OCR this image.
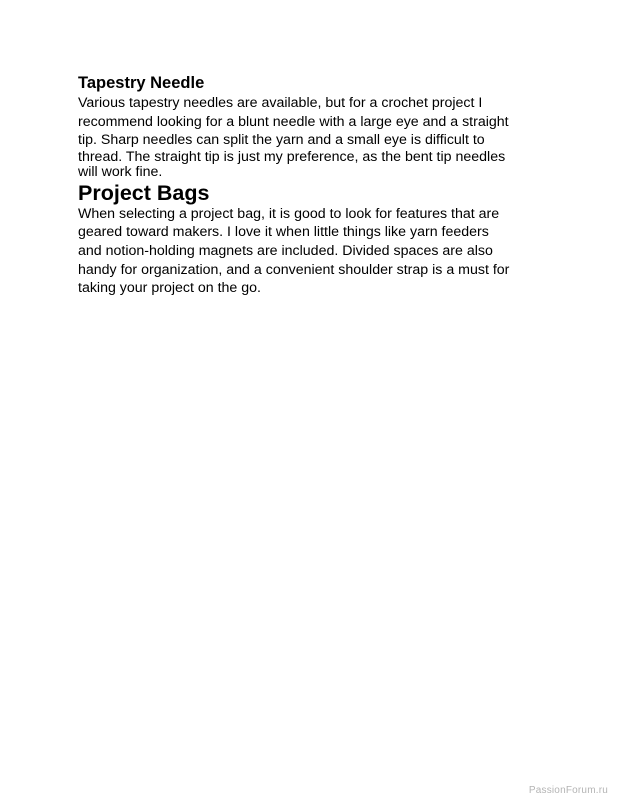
Tapestry Needle

Various tapestry needles are available, but for a crochet project I

recommend looking for a blunt needle with a large eye and a straight

tip. Sharp needles can split the yarn and a small eye is difficult to

thread. The straight tip is just my preference, as the bent tip needles

will work fine.

Project Bags

When selecting a project bag, it is good to look for features that are

geared toward makers. I love it when little things like yarn feeders

and notion-holding magnets are included. Divided spaces are also

handy for organization, and a convenient shoulder strap is a must for

taking your project on the go.

PassionForum.ru
